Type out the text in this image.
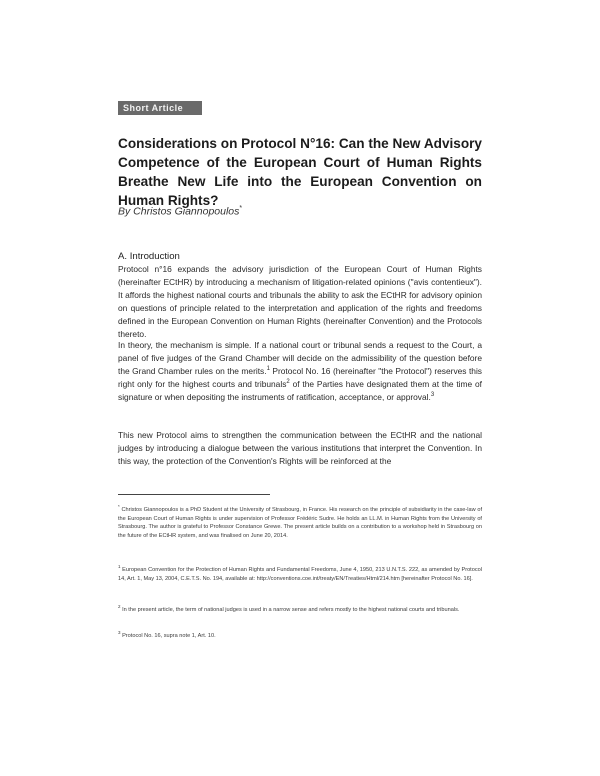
Short Article
Considerations on Protocol N°16: Can the New Advisory Competence of the European Court of Human Rights Breathe New Life into the European Convention on Human Rights?
By Christos Giannopoulos*
A. Introduction

Protocol n°16 expands the advisory jurisdiction of the European Court of Human Rights (hereinafter ECtHR) by introducing a mechanism of litigation-related opinions ("avis contentieux"). It affords the highest national courts and tribunals the ability to ask the ECtHR for advisory opinion on questions of principle related to the interpretation and application of the rights and freedoms defined in the European Convention on Human Rights (hereinafter Convention) and the Protocols thereto.

In theory, the mechanism is simple. If a national court or tribunal sends a request to the Court, a panel of five judges of the Grand Chamber will decide on the admissibility of the question before the Grand Chamber rules on the merits.$^1$ Protocol No. 16 (hereinafter "the Protocol") reserves this right only for the highest courts and tribunals$^2$ of the Parties have designated them at the time of signature or when depositing the instruments of ratification, acceptance, or approval.$^3$

This new Protocol aims to strengthen the communication between the ECtHR and the national judges by introducing a dialogue between the various institutions that interpret the Convention. In this way, the protection of the Convention's Rights will be reinforced at the

* Christos Giannopoulos is a PhD Student at the University of Strasbourg, in France. His research on the principle of subsidiarity in the case-law of the European Court of Human Rights is under supervision of Professor Frédéric Sudre. He holds an LL.M. in Human Rights from the University of Strasbourg. The author is grateful to Professor Constance Grewe. The present article builds on a contribution to a workshop held in Strasbourg on the future of the ECtHR system, and was finalised on June 20, 2014.

$^1$ European Convention for the Protection of Human Rights and Fundamental Freedoms, June 4, 1950, 213 U.N.T.S. 222, as amended by Protocol 14, Art. 1, May 13, 2004, C.E.T.S. No. 194, available at: http://conventions.coe.int/treaty/EN/Treaties/Html/214.htm [hereinafter Protocol No. 16].

$^2$ In the present article, the term of national judges is used in a narrow sense and refers mostly to the highest national courts and tribunals.

$^3$ Protocol No. 16, supra note 1, Art. 10.
